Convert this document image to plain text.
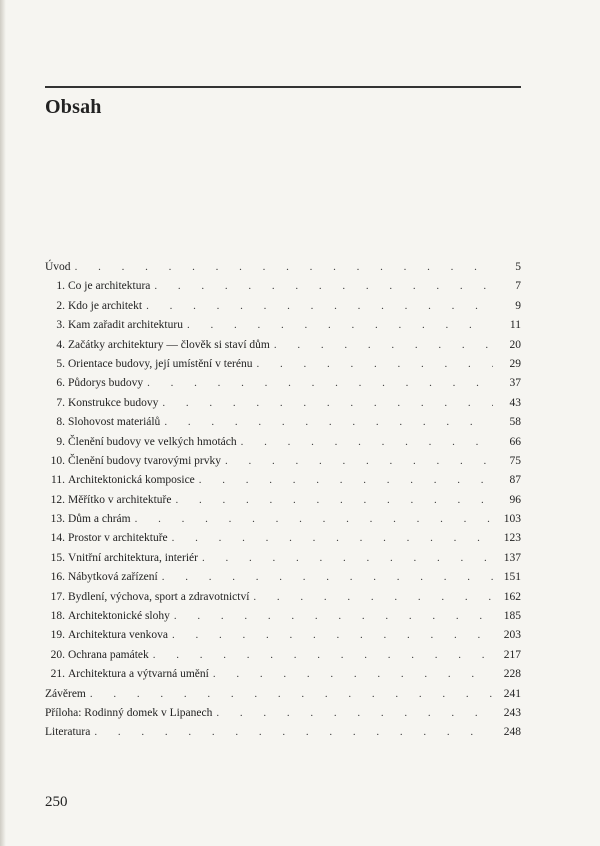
Obsah
Úvod . . .	5
1. Co je architektura . . .	7
2. Kdo je architekt . . .	9
3. Kam zařadit architekturu . . .	11
4. Začátky architektury — člověk si staví dům . . .	20
5. Orientace budovy, její umístění v terénu . . .	29
6. Půdorys budovy . . .	37
7. Konstrukce budovy . . .	43
8. Slohovost materiálů . . .	58
9. Členění budovy ve velkých hmotách . . .	66
10. Členění budovy tvarovými prvky . . .	75
11. Architektonická komposice . . .	87
12. Měřítko v architektuře . . .	96
13. Dům a chrám . . .	103
14. Prostor v architektuře . . .	123
15. Vnitřní architektura, interiér . . .	137
16. Nábytková zařízení . . .	151
17. Bydlení, výchova, sport a zdravotnictví . . .	162
18. Architektonické slohy . . .	185
19. Architektura venkova . . .	203
20. Ochrana památek . . .	217
21. Architektura a výtvarná umění . . .	228
Závěrem . . .	241
Příloha: Rodinný domek v Lipanech . . .	243
Literatura . . .	248
250
